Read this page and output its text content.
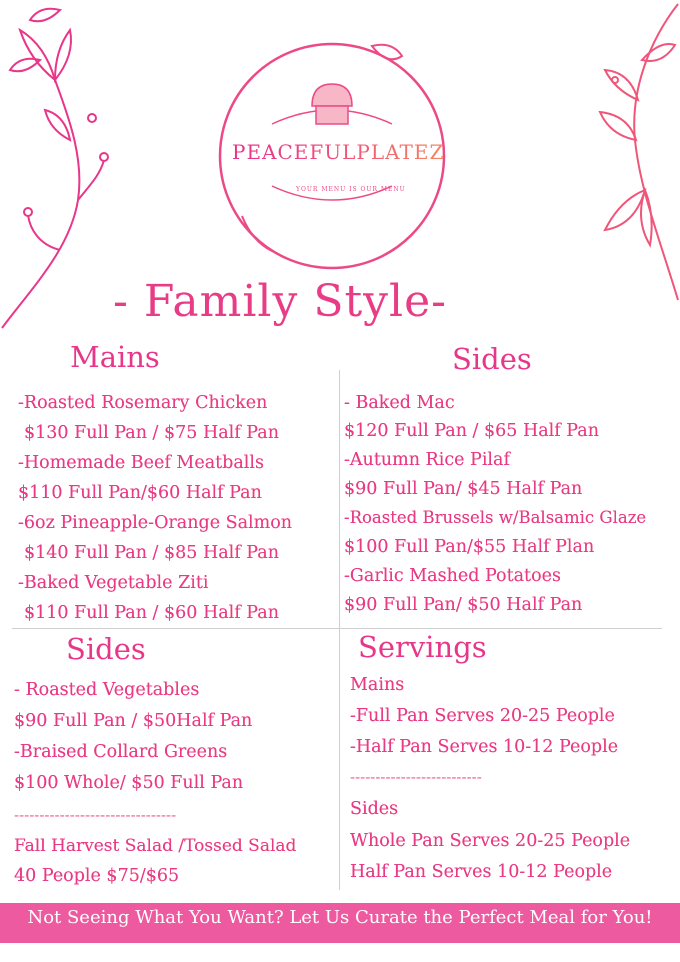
PEACEFULPLATEZ
YOUR MENU IS OUR MENU
- Family Style-
Mains
-Roasted Rosemary Chicken
$130 Full Pan / $75 Half Pan
-Homemade Beef Meatballs
$110 Full Pan/$60 Half Pan
-6oz Pineapple-Orange Salmon
$140 Full Pan / $85 Half Pan
-Baked Vegetable Ziti
$110 Full Pan / $60 Half Pan
Sides
- Baked Mac
$120 Full Pan / $65 Half Pan
-Autumn Rice Pilaf
$90 Full Pan/ $45 Half Pan
-Roasted Brussels w/Balsamic Glaze
$100 Full Pan/$55 Half Plan
-Garlic Mashed Potatoes
$90 Full Pan/ $50 Half Pan
Sides
- Roasted Vegetables
$90 Full Pan / $50Half Pan
-Braised Collard Greens
$100 Whole/ $50 Full Pan
--------------------------------
Fall Harvest Salad /Tossed Salad
40 People $75/$65
Servings
Mains
-Full Pan Serves 20-25 People
-Half Pan Serves 10-12 People
--------------------------
Sides
Whole Pan Serves 20-25 People
Half Pan Serves 10-12 People
Not Seeing What You Want? Let Us Curate the Perfect Meal for You!
